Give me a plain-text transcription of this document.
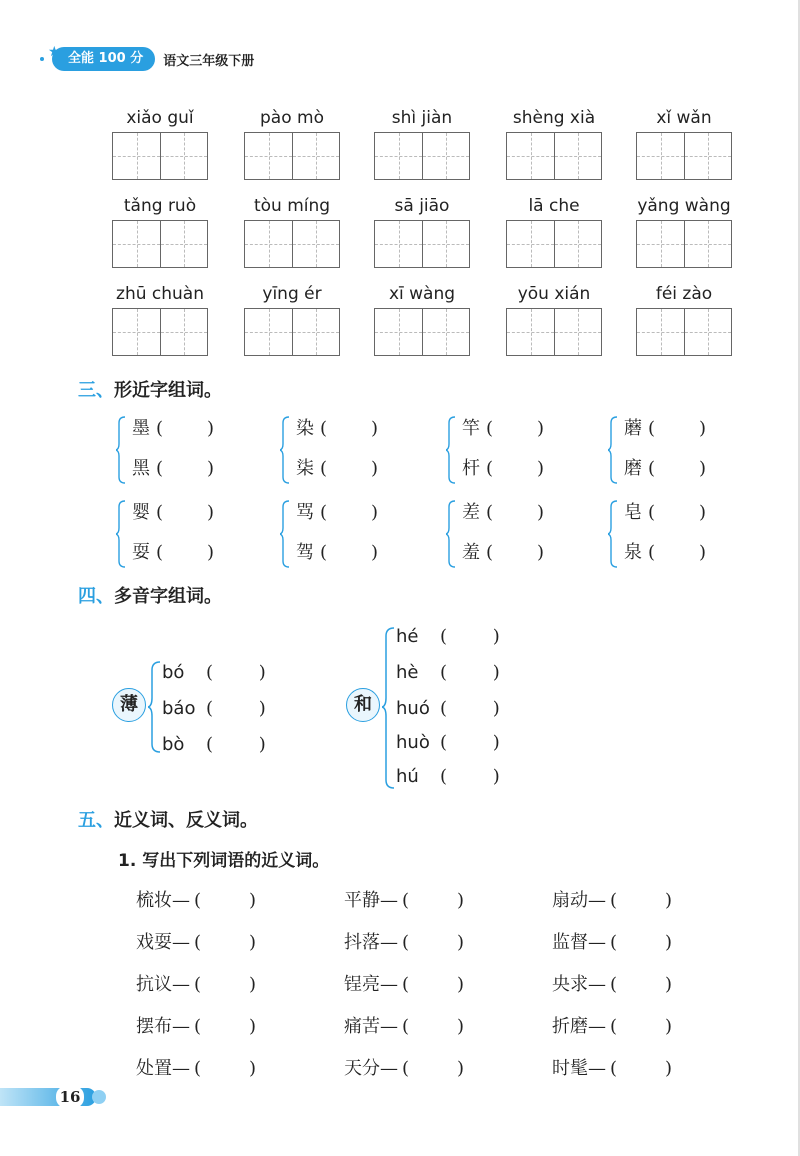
★ 全能 100 分	语文三年级下册
xiǎo guǐ	pào mò	shì jiàn	shèng xià	xǐ wǎn
tǎng ruò	tòu míng	sā jiāo	lā che	yǎng wàng
zhū chuàn	yīng ér	xī wàng	yōu xián	féi zào
三、形近字组词。
墨 ( )
黑 ( )
染 ( )
柒 ( )
竿 ( )
杆 ( )
蘑 ( )
磨 ( )
婴 ( )
耍 ( )
骂 ( )
驾 ( )
差 ( )
羞 ( )
皂 ( )
泉 ( )
四、多音字组词。
薄
bó (        )
báo (        )
bò (        )
和
hé (        )
hè (        )
huó (        )
huò (        )
hú (        )
五、近义词、反义词。
1. 写出下列词语的近义词。
梳妆— (	)	平静— (	)	扇动— (	)
戏耍— (	)	抖落— (	)	监督— (	)
抗议— (	)	锃亮— (	)	央求— (	)
摆布— (	)	痛苦— (	)	折磨— (	)
处置— (	)	天分— (	)	时髦— (	)
16
